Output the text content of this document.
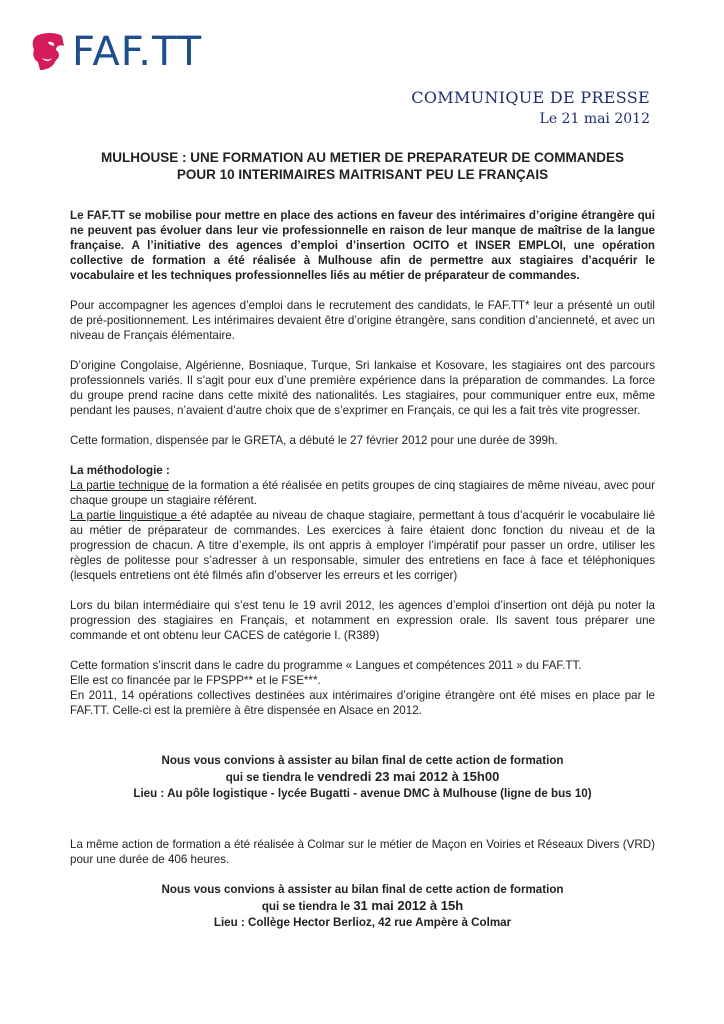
FAF.TT
COMMUNIQUE DE PRESSE
Le 21 mai 2012
MULHOUSE : UNE FORMATION AU METIER DE PREPARATEUR DE COMMANDES
POUR 10 INTERIMAIRES MAITRISANT PEU LE FRANÇAIS

Le FAF.TT se mobilise pour mettre en place des actions en faveur des intérimaires d’origine étrangère qui ne peuvent pas évoluer dans leur vie professionnelle en raison de leur manque de maîtrise de la langue française. A l’initiative des agences d’emploi d’insertion OCITO et INSER EMPLOI, une opération collective de formation a été réalisée à Mulhouse afin de permettre aux stagiaires d’acquérir le vocabulaire et les techniques professionnelles liés au métier de préparateur de commandes.

Pour accompagner les agences d’emploi dans le recrutement des candidats, le FAF.TT* leur a présenté un outil de pré-positionnement. Les intérimaires devaient être d’origine étrangère, sans condition d’ancienneté, et avec un niveau de Français élémentaire.

D’origine Congolaise, Algérienne, Bosniaque, Turque, Sri lankaise et Kosovare, les stagiaires ont des parcours professionnels variés. Il s’agit pour eux d’une première expérience dans la préparation de commandes. La force du groupe prend racine dans cette mixité des nationalités. Les stagiaires, pour communiquer entre eux, même pendant les pauses, n’avaient d’autre choix que de s’exprimer en Français, ce qui les a fait très vite progresser.

Cette formation, dispensée par le GRETA, a débuté le 27 février 2012 pour une durée de 399h.

La méthodologie :
La partie technique de la formation a été réalisée en petits groupes de cinq stagiaires de même niveau, avec pour chaque groupe un stagiaire référent.
La partie linguistique a été adaptée au niveau de chaque stagiaire, permettant à tous d’acquérir le vocabulaire lié au métier de préparateur de commandes. Les exercices à faire étaient donc fonction du niveau et de la progression de chacun. A titre d’exemple, ils ont appris à employer l’impératif pour passer un ordre, utiliser les règles de politesse pour s’adresser à un responsable, simuler des entretiens en face à face et téléphoniques (lesquels entretiens ont été filmés afin d’observer les erreurs et les corriger)

Lors du bilan intermédiaire qui s’est tenu le 19 avril 2012, les agences d’emploi d’insertion ont déjà pu noter la progression des stagiaires en Français, et notamment en expression orale. Ils savent tous préparer une commande et ont obtenu leur CACES de catégorie I. (R389)

Cette formation s’inscrit dans le cadre du programme « Langues et compétences 2011 » du FAF.TT.
Elle est co financée par le FPSPP** et le FSE***.
En 2011, 14 opérations collectives destinées aux intérimaires d’origine étrangère ont été mises en place par le FAF.TT. Celle-ci est la première à être dispensée en Alsace en 2012.
Nous vous convions à assister au bilan final de cette action de formation
qui se tiendra le vendredi 23 mai 2012 à 15h00
Lieu : Au pôle logistique - lycée Bugatti - avenue DMC à Mulhouse (ligne de bus 10)

La même action de formation a été réalisée à Colmar sur le métier de Maçon en Voiries et Réseaux Divers (VRD) pour une durée de 406 heures.

Nous vous convions à assister au bilan final de cette action de formation
qui se tiendra le 31 mai 2012 à 15h
Lieu : Collège Hector Berlioz, 42 rue Ampère à Colmar
